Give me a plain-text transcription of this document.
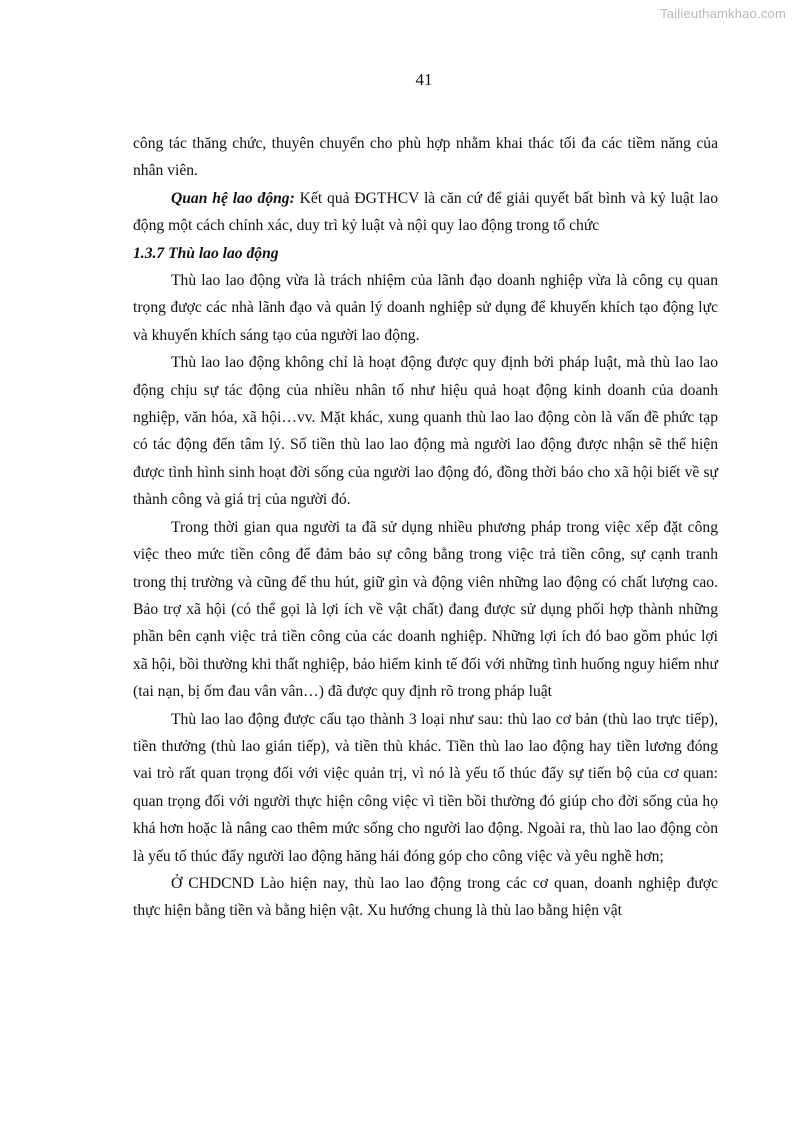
Tailieuthamkhao.com
41

công tác thăng chức, thuyên chuyển cho phù hợp nhằm khai thác tối đa các tiềm năng của nhân viên.

Quan hệ lao động: Kết quả ĐGTHCV là căn cứ để giải quyết bất bình và kỷ luật lao động một cách chính xác, duy trì kỷ luật và nội quy lao động trong tổ chức

1.3.7 Thù lao lao động

Thù lao lao động vừa là trách nhiệm của lãnh đạo doanh nghiệp vừa là công cụ quan trọng được các nhà lãnh đạo và quản lý doanh nghiệp sử dụng để khuyến khích tạo động lực và khuyến khích sáng tạo của người lao động.

Thù lao lao động không chỉ là hoạt động được quy định bởi pháp luật, mà thù lao lao động chịu sự tác động của nhiều nhân tố như hiệu quả hoạt động kinh doanh của doanh nghiệp, văn hóa, xã hội…vv. Mặt khác, xung quanh thù lao lao động còn là vấn đề phức tạp có tác động đến tâm lý. Số tiền thù lao lao động mà người lao động được nhận sẽ thể hiện được tình hình sinh hoạt đời sống của người lao động đó, đồng thời báo cho xã hội biết về sự thành công và giá trị của người đó.

Trong thời gian qua người ta đã sử dụng nhiều phương pháp trong việc xếp đặt công việc theo mức tiền công để đảm bảo sự công bằng trong việc trả tiền công, sự cạnh tranh trong thị trường và cũng để thu hút, giữ gìn và động viên những lao động có chất lượng cao. Bảo trợ xã hội (có thể gọi là lợi ích về vật chất) đang được sử dụng phối hợp thành những phần bên cạnh việc trả tiền công của các doanh nghiệp. Những lợi ích đó bao gồm phúc lợi xã hội, bồi thường khi thất nghiệp, bảo hiểm kinh tế đối với những tình huống nguy hiểm như (tai nạn, bị ốm đau vân vân…) đã được quy định rõ trong pháp luật

Thù lao lao động được cấu tạo thành 3 loại như sau: thù lao cơ bản (thù lao trực tiếp), tiền thưởng (thù lao gián tiếp), và tiền thù khác. Tiền thù lao lao động hay tiền lương đóng vai trò rất quan trọng đối với việc quản trị, vì nó là yếu tố thúc đẩy sự tiến bộ của cơ quan: quan trọng đối với người thực hiện công việc vì tiền bồi thường đó giúp cho đời sống của họ khá hơn hoặc là nâng cao thêm mức sống cho người lao động. Ngoài ra, thù lao lao động còn là yếu tố thúc đẩy người lao động hăng hái đóng góp cho công việc và yêu nghề hơn;

Ở CHDCND Lào hiện nay, thù lao lao động trong các cơ quan, doanh nghiệp được thực hiện bằng tiền và bằng hiện vật. Xu hướng chung là thù lao bằng hiện vật
